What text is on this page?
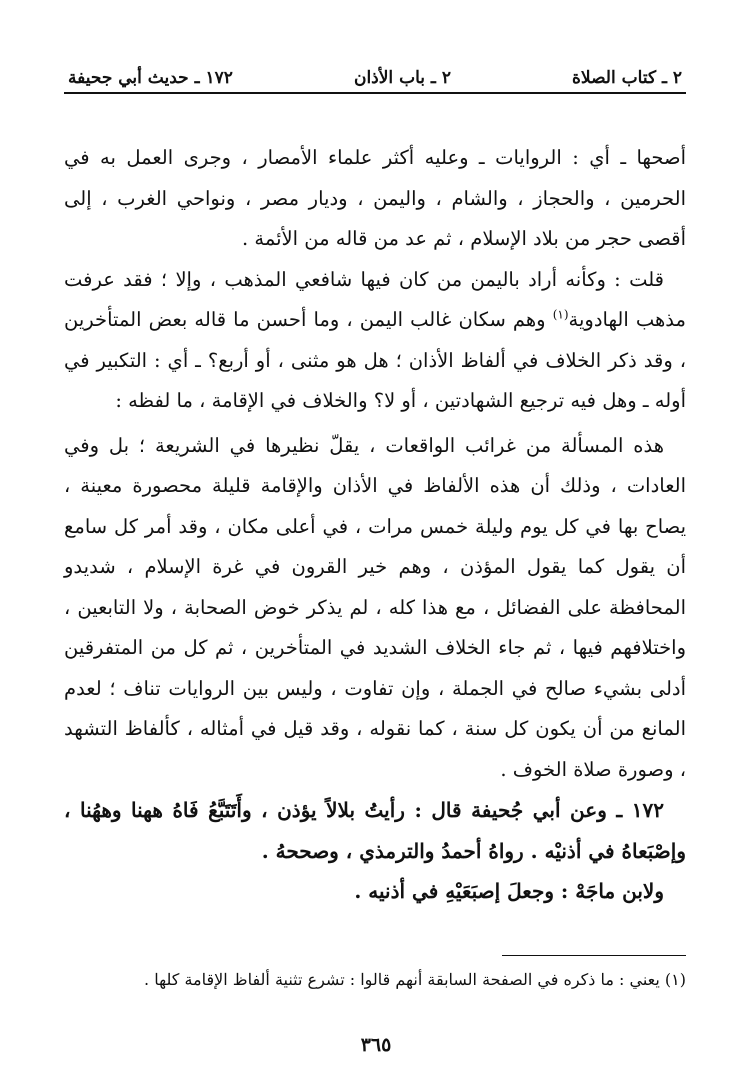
٢ ـ كتاب الصلاة
٢ ـ باب الأذان
١٧٢ ـ حديث أبي جحيفة

أصحها ـ أي : الروايات ـ وعليه أكثر علماء الأمصار ، وجرى العمل به في الحرمين ، والحجاز ، والشام ، واليمن ، وديار مصر ، ونواحي الغرب ، إلى أقصى حجر من بلاد الإسلام ، ثم عد من قاله من الأئمة .

قلت : وكأنه أراد باليمن من كان فيها شافعي المذهب ، وإلا ؛ فقد عرفت مذهب الهادوية$^{(١)}$ وهم سكان غالب اليمن ، وما أحسن ما قاله بعض المتأخرين ، وقد ذكر الخلاف في ألفاظ الأذان ؛ هل هو مثنى ، أو أربع؟ ـ أي : التكبير في أوله ـ وهل فيه ترجيع الشهادتين ، أو لا؟ والخلاف في الإقامة ، ما لفظه :

هذه المسألة من غرائب الواقعات ، يقلّ نظيرها في الشريعة ؛ بل وفي العادات ، وذلك أن هذه الألفاظ في الأذان والإقامة قليلة محصورة معينة ، يصاح بها في كل يوم وليلة خمس مرات ، في أعلى مكان ، وقد أمر كل سامع أن يقول كما يقول المؤذن ، وهم خير القرون في غرة الإسلام ، شديدو المحافظة على الفضائل ، مع هذا كله ، لم يذكر خوض الصحابة ، ولا التابعين ، واختلافهم فيها ، ثم جاء الخلاف الشديد في المتأخرين ، ثم كل من المتفرقين أدلى بشيء صالح في الجملة ، وإن تفاوت ، وليس بين الروايات تناف ؛ لعدم المانع من أن يكون كل سنة ، كما نقوله ، وقد قيل في أمثاله ، كألفاظ التشهد ، وصورة صلاة الخوف .

١٧٢ ـ وعن أبي جُحيفة قال : رأيتُ بلالاً يؤذن ، وأَتَتَبَّعُ فَاهُ ههنا وههُنا ، وإصْبَعاهُ في أذنيْه . رواهُ أحمدُ والترمذي ، وصححهُ .

ولابن ماجَهْ : وجعلَ إصبَعَيْهِ في أذنيه .

(١) يعني : ما ذكره في الصفحة السابقة أنهم قالوا : تشرع تثنية ألفاظ الإقامة كلها .
٣٦٥
